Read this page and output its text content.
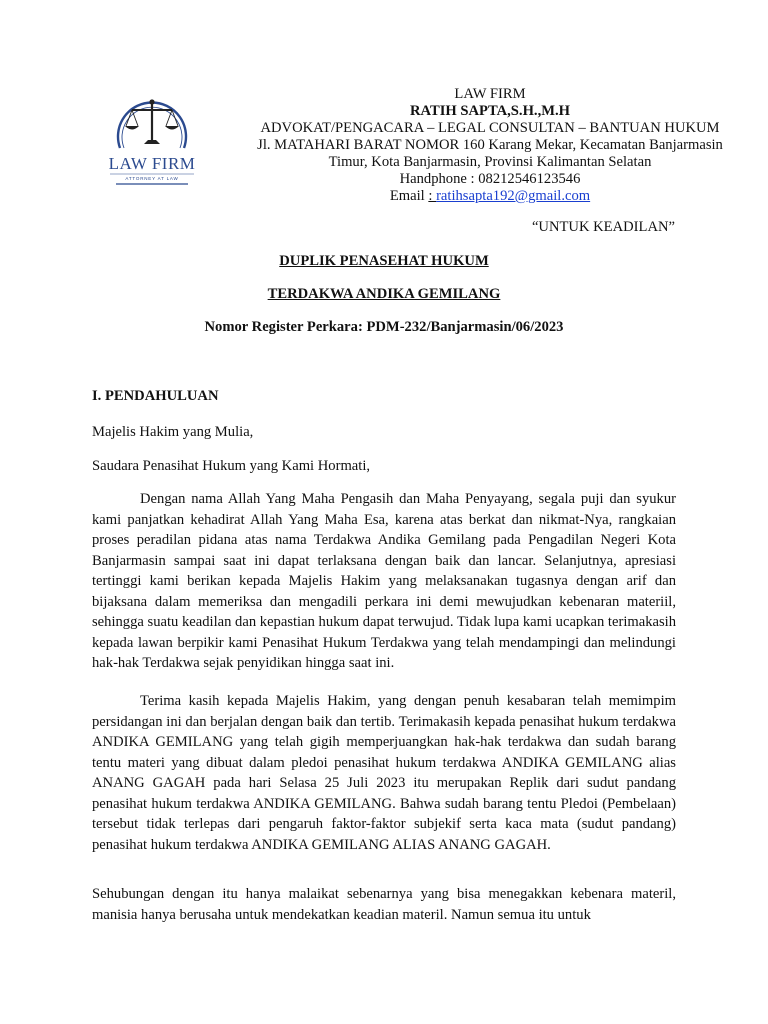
LAW FIRM
ATTORNEY AT LAW
LAW FIRM
RATIH SAPTA,S.H.,M.H
ADVOKAT/PENGACARA – LEGAL CONSULTAN – BANTUAN HUKUM
Jl. MATAHARI BARAT NOMOR 160 Karang Mekar, Kecamatan Banjarmasin
Timur, Kota Banjarmasin, Provinsi Kalimantan Selatan
Handphone : 08212546123546
Email : ratihsapta192@gmail.com
“UNTUK KEADILAN”
DUPLIK PENASEHAT HUKUM
TERDAKWA ANDIKA GEMILANG
Nomor Register Perkara: PDM-232/Banjarmasin/06/2023
I. PENDAHULUAN
Majelis Hakim yang Mulia,
Saudara Penasihat Hukum yang Kami Hormati,

Dengan nama Allah Yang Maha Pengasih dan Maha Penyayang, segala puji dan syukur kami panjatkan kehadirat Allah Yang Maha Esa, karena atas berkat dan nikmat-Nya, rangkaian proses peradilan pidana atas nama Terdakwa Andika Gemilang pada Pengadilan Negeri Kota Banjarmasin sampai saat ini dapat terlaksana dengan baik dan lancar. Selanjutnya, apresiasi tertinggi kami berikan kepada Majelis Hakim yang melaksanakan tugasnya dengan arif dan bijaksana dalam memeriksa dan mengadili perkara ini demi mewujudkan kebenaran materiil, sehingga suatu keadilan dan kepastian hukum dapat terwujud. Tidak lupa kami ucapkan terimakasih kepada lawan berpikir kami Penasihat Hukum Terdakwa yang telah mendampingi dan melindungi hak-hak Terdakwa sejak penyidikan hingga saat ini.

Terima kasih kepada Majelis Hakim, yang dengan penuh kesabaran telah memimpim persidangan ini dan berjalan dengan baik dan tertib. Terimakasih kepada penasihat hukum terdakwa ANDIKA GEMILANG yang telah gigih memperjuangkan hak-hak terdakwa dan sudah barang tentu materi yang dibuat dalam pledoi penasihat hukum terdakwa ANDIKA GEMILANG alias ANANG GAGAH pada hari Selasa 25 Juli 2023 itu merupakan Replik dari sudut pandang penasihat hukum terdakwa ANDIKA GEMILANG. Bahwa sudah barang tentu Pledoi (Pembelaan) tersebut tidak terlepas dari pengaruh faktor-faktor subjekif serta kaca mata (sudut pandang) penasihat hukum terdakwa ANDIKA GEMILANG ALIAS ANANG GAGAH.

Sehubungan dengan itu hanya malaikat sebenarnya yang bisa menegakkan kebenara materil, manisia hanya berusaha untuk mendekatkan keadian materil. Namun semua itu untuk
